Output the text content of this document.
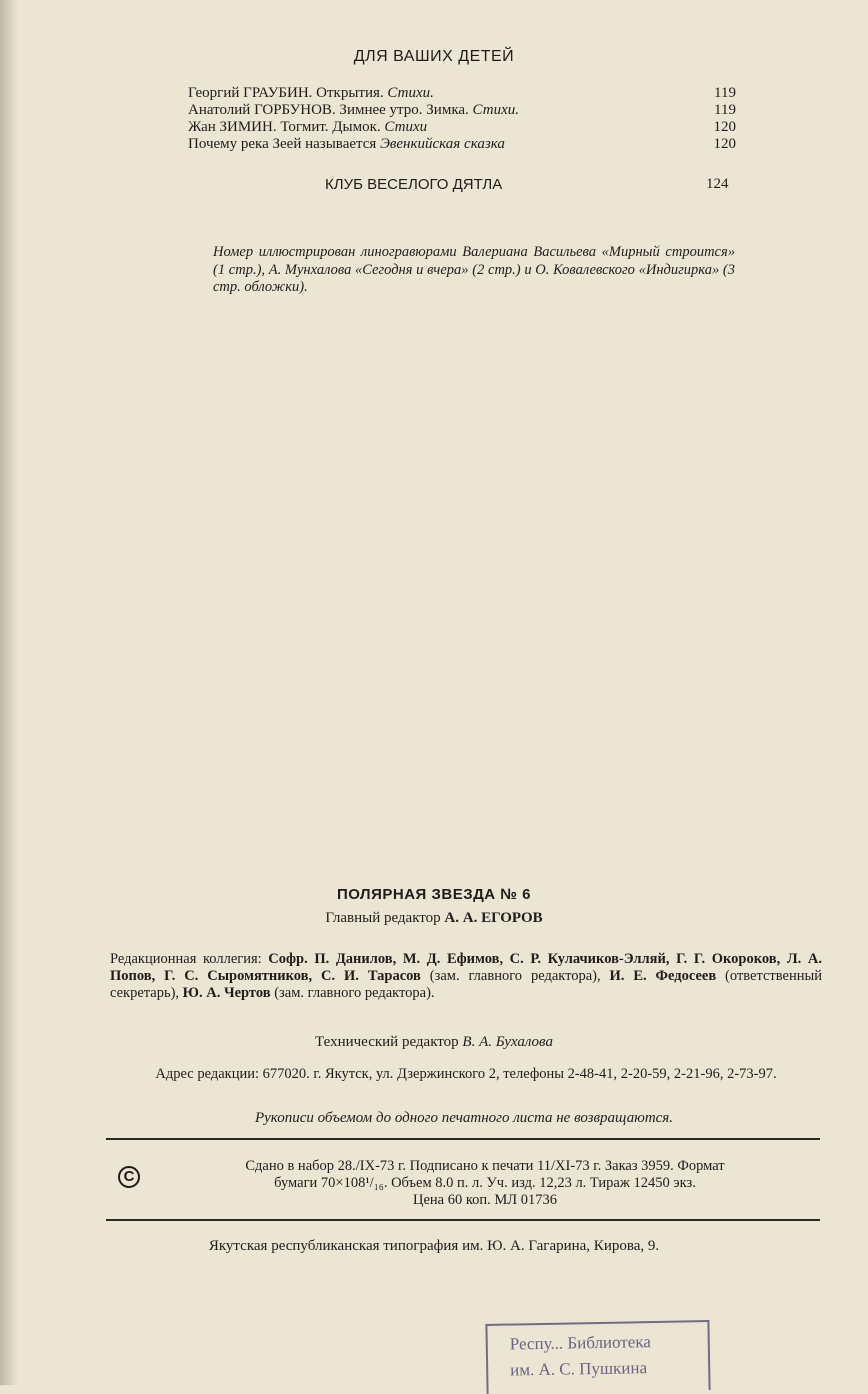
ДЛЯ ВАШИХ ДЕТЕЙ
Георгий ГРАУБИН. Открытия. Стихи.	119
Анатолий ГОРБУНОВ. Зимнее утро. Зимка. Стихи.	119
Жан ЗИМИН. Тогмит. Дымок. Стихи	120
Почему река Зеей называется Эвенкийская сказка	120
КЛУБ ВЕСЕЛОГО ДЯТЛА	124
Номер иллюстрирован линогравюрами Валериана Васильева «Мирный строится» (1 стр.), А. Мунхалова «Сегодня и вчера» (2 стр.) и О. Ковалевского «Индигирка» (3 стр. обложки).
ПОЛЯРНАЯ ЗВЕЗДА № 6
Главный редактор А. А. ЕГОРОВ
Редакционная коллегия: Софр. П. Данилов, М. Д. Ефимов, С. Р. Кулачиков-Элляй, Г. Г. Окороков, Л. А. Попов, Г. С. Сыромятников, С. И. Тарасов (зам. главного редактора), И. Е. Федосеев (ответственный секретарь), Ю. А. Чертов (зам. главного редактора).
Технический редактор В. А. Бухалова
Адрес редакции: 677020. г. Якутск, ул. Дзержинского 2, телефоны 2-48-41, 2-20-59, 2-21-96, 2-73-97.
Рукописи объемом до одного печатного листа не возвращаются.
C
Сдано в набор 28./IX-73 г. Подписано к печати 11/XI-73 г. Заказ 3959. Формат
бумаги 70×108¹/₁₆. Объем 8.0 п. л. Уч. изд. 12,23 л. Тираж 12450 экз.
Цена 60 коп. МЛ 01736
Якутская республиканская типография им. Ю. А. Гагарина, Кирова, 9.
Респу... Библиотека
им. А. С. Пушкина
